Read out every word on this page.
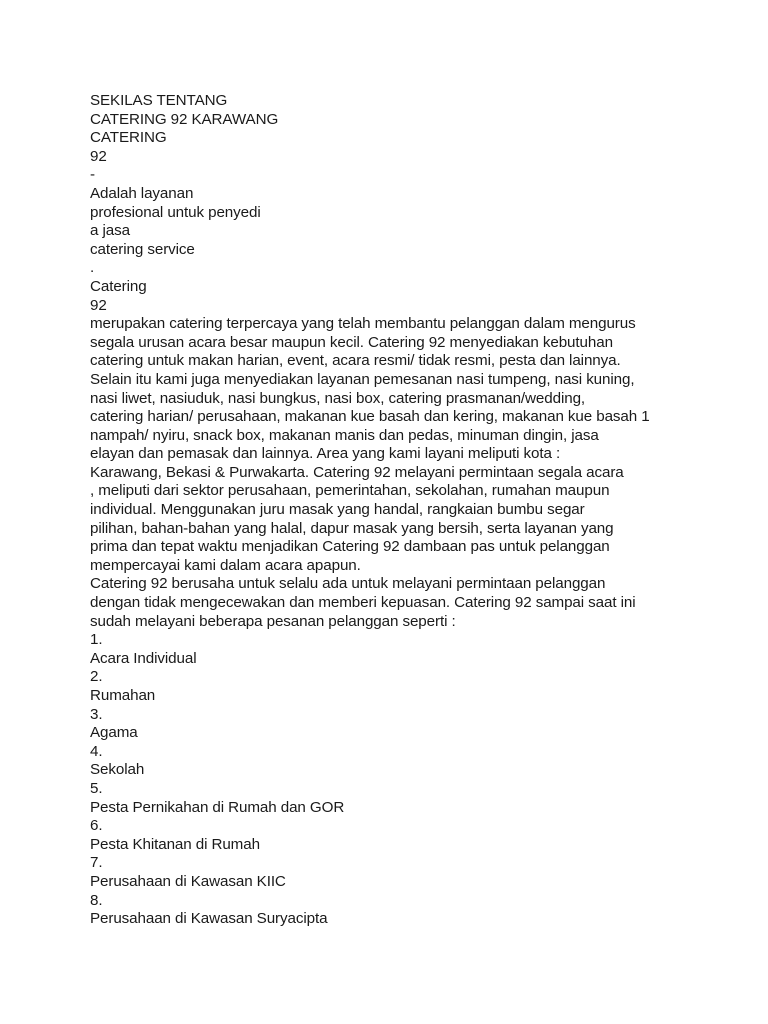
SEKILAS TENTANG
CATERING 92 KARAWANG
CATERING
92
-
Adalah layanan
profesional untuk penyedi
a jasa
catering service
.
Catering
92
merupakan catering terpercaya yang telah membantu pelanggan dalam mengurus
segala urusan acara besar maupun kecil. Catering 92 menyediakan kebutuhan
catering untuk makan harian, event, acara resmi/ tidak resmi, pesta dan lainnya.
Selain itu kami juga menyediakan layanan pemesanan nasi tumpeng, nasi kuning,
nasi liwet, nasiuduk, nasi bungkus, nasi box, catering prasmanan/wedding,
catering harian/ perusahaan, makanan kue basah dan kering, makanan kue basah 1
nampah/ nyiru, snack box, makanan manis dan pedas, minuman dingin, jasa
elayan dan pemasak dan lainnya. Area yang kami layani meliputi kota :
Karawang, Bekasi & Purwakarta. Catering 92 melayani permintaan segala acara
, meliputi dari sektor perusahaan, pemerintahan, sekolahan, rumahan maupun
individual. Menggunakan juru masak yang handal, rangkaian bumbu segar
pilihan, bahan-bahan yang halal, dapur masak yang bersih, serta layanan yang
prima dan tepat waktu menjadikan Catering 92 dambaan pas untuk pelanggan
mempercayai kami dalam acara apapun.
Catering 92 berusaha untuk selalu ada untuk melayani permintaan pelanggan
dengan tidak mengecewakan dan memberi kepuasan. Catering 92 sampai saat ini
sudah melayani beberapa pesanan pelanggan seperti :
1.
Acara Individual
2.
Rumahan
3.
Agama
4.
Sekolah
5.
Pesta Pernikahan di Rumah dan GOR
6.
Pesta Khitanan di Rumah
7.
Perusahaan di Kawasan KIIC
8.
Perusahaan di Kawasan Suryacipta
